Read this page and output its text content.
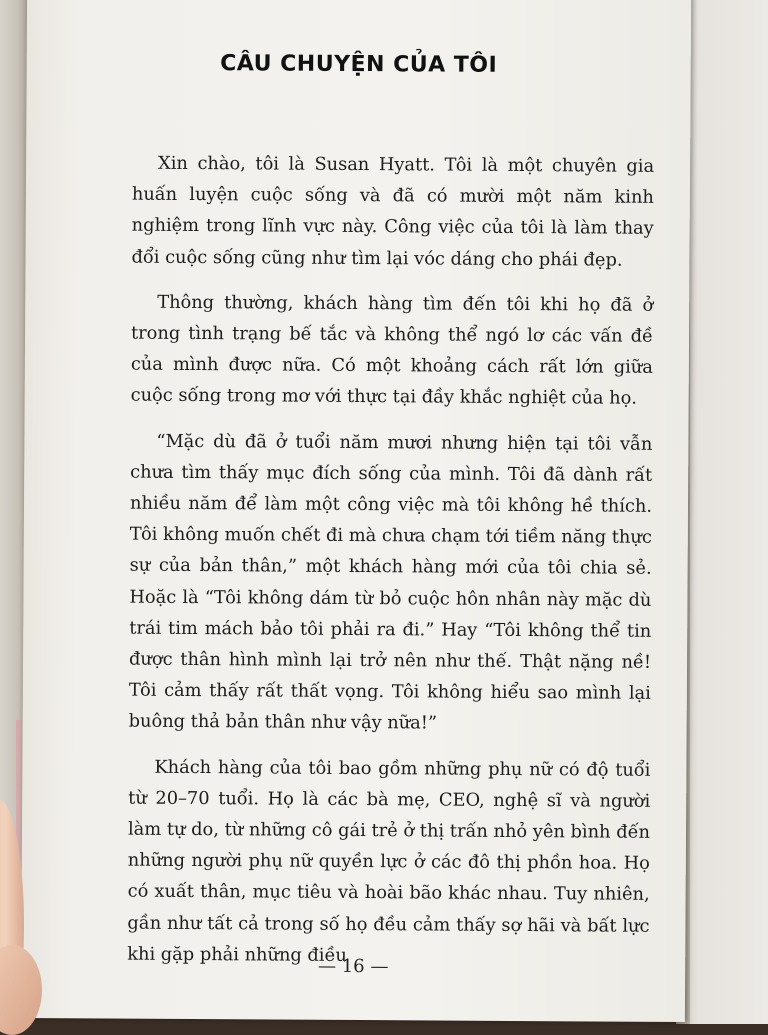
CÂU CHUYỆN CỦA TÔI

Xin chào, tôi là Susan Hyatt. Tôi là một chuyên gia huấn luyện cuộc sống và đã có mười một năm kinh nghiệm trong lĩnh vực này. Công việc của tôi là làm thay đổi cuộc sống cũng như tìm lại vóc dáng cho phái đẹp.

Thông thường, khách hàng tìm đến tôi khi họ đã ở trong tình trạng bế tắc và không thể ngó lơ các vấn đề của mình được nữa. Có một khoảng cách rất lớn giữa cuộc sống trong mơ với thực tại đầy khắc nghiệt của họ.

“Mặc dù đã ở tuổi năm mươi nhưng hiện tại tôi vẫn chưa tìm thấy mục đích sống của mình. Tôi đã dành rất nhiều năm để làm một công việc mà tôi không hề thích. Tôi không muốn chết đi mà chưa chạm tới tiềm năng thực sự của bản thân,” một khách hàng mới của tôi chia sẻ. Hoặc là “Tôi không dám từ bỏ cuộc hôn nhân này mặc dù trái tim mách bảo tôi phải ra đi.” Hay “Tôi không thể tin được thân hình mình lại trở nên như thế. Thật nặng nề! Tôi cảm thấy rất thất vọng. Tôi không hiểu sao mình lại buông thả bản thân như vậy nữa!”

Khách hàng của tôi bao gồm những phụ nữ có độ tuổi từ 20–70 tuổi. Họ là các bà mẹ, CEO, nghệ sĩ và người làm tự do, từ những cô gái trẻ ở thị trấn nhỏ yên bình đến những người phụ nữ quyền lực ở các đô thị phồn hoa. Họ có xuất thân, mục tiêu và hoài bão khác nhau. Tuy nhiên, gần như tất cả trong số họ đều cảm thấy sợ hãi và bất lực khi gặp phải những điều

— 16 —
